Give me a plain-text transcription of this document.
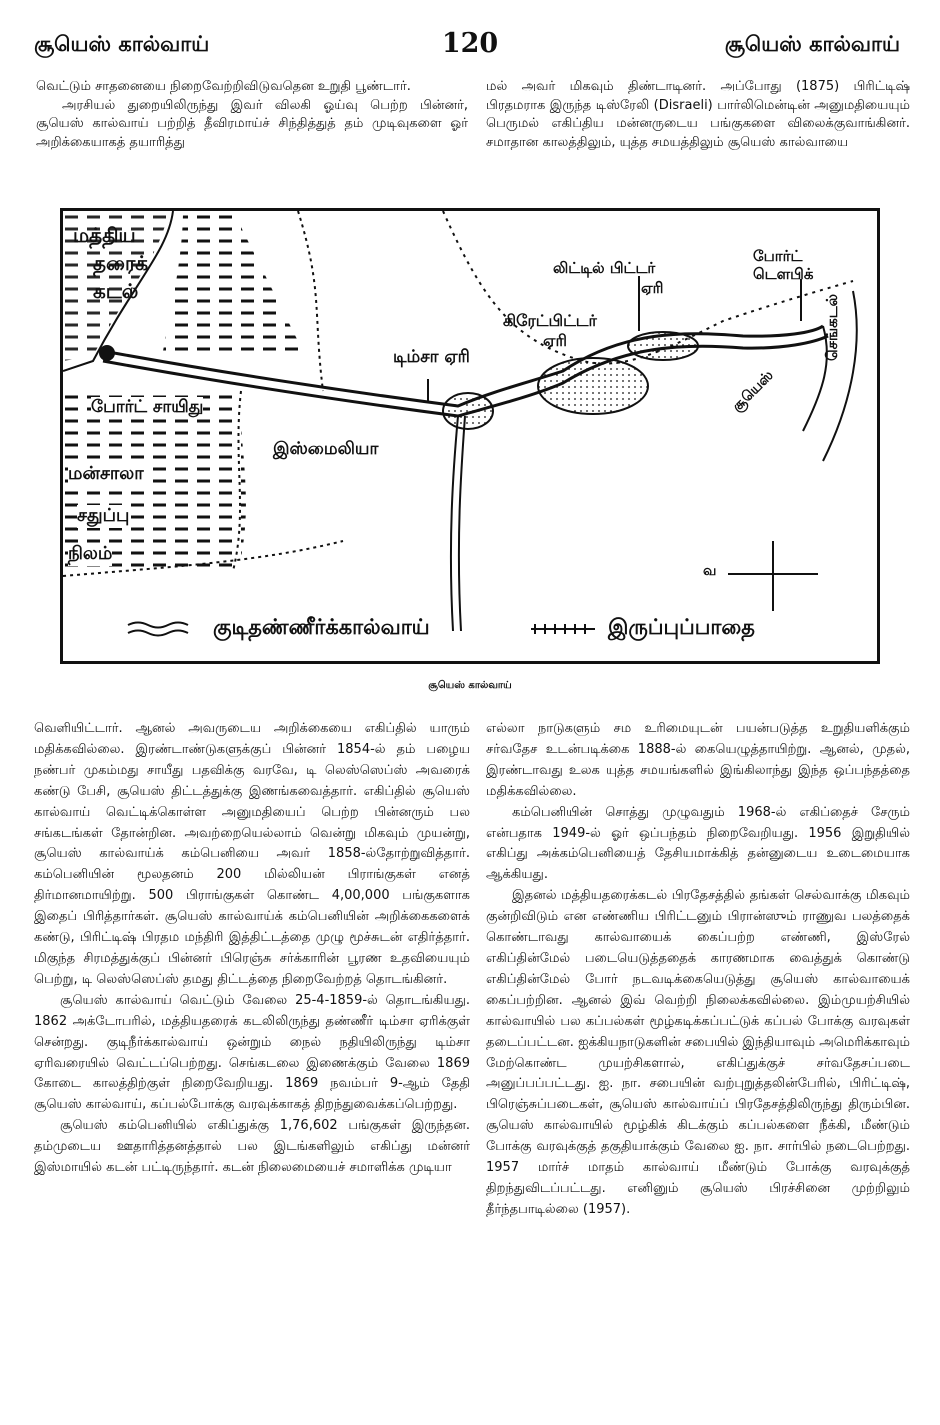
சூயெஸ் கால்வாய்	120	சூயெஸ் கால்வாய்

வெட்டும் சாதனையை நிறைவேற்றிவிடுவதென உறுதி பூண்டார்.

அரசியல் துறையிலிருந்து இவர் விலகி ஓய்வு பெற்ற பின்னர், சூயெஸ் கால்வாய் பற்றித் தீவிரமாய்ச் சிந்தித்துத் தம் முடிவுகளை ஓர் அறிக்கையாகத் தயாரித்து

மல் அவர் மிகவும் திண்டாடினர். அப்போது (1875) பிரிட்டிஷ் பிரதமராக இருந்த டிஸ்ரேலி (Disraeli) பார்லிமென்டின் அனுமதியையும் பெருமல் எகிப்திய மன்னருடைய பங்குகளை விலைக்குவாங்கினர். சமாதான காலத்திலும், யுத்த சமயத்திலும் சூயெஸ் கால்வாயை

மத்திய
தரைக்
கடல்
போர்ட் சாயிது
மன்சாலா
சதுப்பு
நிலம்
இஸ்மைலியா
டிம்சா ஏரி
கிரேட்பிட்டர்
ஏரி
லிட்டில் பிட்டர்
ஏரி
போர்ட்
டௌபிக்
சூயெஸ்
செங்கடல்
வ
குடிதண்ணீர்க்கால்வாய்	இருப்புப்பாதை
சூயெஸ் கால்வாய்

வெளியிட்டார். ஆனல் அவருடைய அறிக்கையை எகிப்தில் யாரும் மதிக்கவில்லை. இரண்டாண்டுகளுக்குப் பின்னர் 1854-ல் தம் பழைய நண்பர் முகம்மது சாயீது பதவிக்கு வரவே, டி லெஸ்ஸெப்ஸ் அவரைக் கண்டு பேசி, சூயெஸ் திட்டத்துக்கு இணங்கவைத்தார். எகிப்தில் சூயெஸ் கால்வாய் வெட்டிக்கொள்ள அனுமதியைப் பெற்ற பின்னரும் பல சங்கடங்கள் தோன்றின. அவற்றையெல்லாம் வென்று மிகவும் முயன்று, சூயெஸ் கால்வாய்க் கம்பெனியை அவர் 1858-ல்தோற்றுவித்தார். கம்பெனியின் மூலதனம் 200 மில்லியன் பிராங்குகள் எனத் திர்மானமாயிற்று. 500 பிராங்குகள் கொண்ட 4,00,000 பங்குகளாக இதைப் பிரித்தார்கள். சூயெஸ் கால்வாய்க் கம்பெனியின் அறிக்கைகளைக் கண்டு, பிரிட்டிஷ் பிரதம மந்திரி இத்திட்டத்தை முழு மூச்சுடன் எதிர்த்தார். மிகுந்த சிரமத்துக்குப் பின்னர் பிரெஞ்சு சர்க்காரின் பூரண உதவியையும் பெற்று, டி லெஸ்ஸெப்ஸ் தமது திட்டத்தை நிறைவேற்றத் தொடங்கினர்.

சூயெஸ் கால்வாய் வெட்டும் வேலை 25-4-1859-ல் தொடங்கியது. 1862 அக்டோபரில், மத்தியதரைக் கடலிலிருந்து தண்ணீர் டிம்சா ஏரிக்குள் சென்றது. குடிநீர்க்கால்வாய் ஒன்றும் நைல் நதியிலிருந்து டிம்சா ஏரிவரையில் வெட்டப்பெற்றது. செங்கடலை இணைக்கும் வேலை 1869 கோடை காலத்திற்குள் நிறைவேறியது. 1869 நவம்பர் 9-ஆம் தேதி சூயெஸ் கால்வாய், கப்பல்போக்கு வரவுக்காகத் திறந்துவைக்கப்பெற்றது.

சூயெஸ் கம்பெனியில் எகிப்துக்கு 1,76,602 பங்குகள் இருந்தன. தம்முடைய ஊதாரித்தனத்தால் பல இடங்களிலும் எகிப்து மன்னர் இஸ்மாயில் கடன் பட்டிருந்தார். கடன் நிலைமையைச் சமாளிக்க முடியா

எல்லா நாடுகளும் சம உரிமையுடன் பயன்படுத்த உறுதியளிக்கும் சர்வதேச உடன்படிக்கை 1888-ல் கையெழுத்தாயிற்று. ஆனல், முதல், இரண்டாவது உலக யுத்த சமயங்களில் இங்கிலாந்து இந்த ஒப்பந்தத்தை மதிக்கவில்லை.

கம்பெனியின் சொத்து முழுவதும் 1968-ல் எகிப்தைச் சேரும் என்பதாக 1949-ல் ஓர் ஒப்பந்தம் நிறைவேறியது. 1956 இறுதியில் எகிப்து அக்கம்பெனியைத் தேசியமாக்கித் தன்னுடைய உடைமையாக ஆக்கியது.

இதனல் மத்தியதரைக்கடல் பிரதேசத்தில் தங்கள் செல்வாக்கு மிகவும் குன்றிவிடும் என எண்ணிய பிரிட்டனும் பிரான்ஸும் ராணுவ பலத்தைக் கொண்டாவது கால்வாயைக் கைப்பற்ற எண்ணி, இஸ்ரேல் எகிப்தின்மேல் படையெடுத்ததைக் காரணமாக வைத்துக் கொண்டு எகிப்தின்மேல் போர் நடவடிக்கையெடுத்து சூயெஸ் கால்வாயைக் கைப்பற்றின. ஆனல் இவ் வெற்றி நிலைக்கவில்லை. இம்முயற்சியில் கால்வாயில் பல கப்பல்கள் மூழ்கடிக்கப்பட்டுக் கப்பல் போக்கு வரவுகள் தடைப்பட்டன. ஐக்கியநாடுகளின் சபையில் இந்தியாவும் அமெரிக்காவும் மேற்கொண்ட முயற்சிகளால், எகிப்துக்குச் சர்வதேசப்படை அனுப்பப்பட்டது. ஐ. நா. சபையின் வற்புறுத்தலின்பேரில், பிரிட்டிஷ், பிரெஞ்சுப்படைகள், சூயெஸ் கால்வாய்ப் பிரதேசத்திலிருந்து திரும்பின. சூயெஸ் கால்வாயில் மூழ்கிக் கிடக்கும் கப்பல்களை நீக்கி, மீண்டும் போக்கு வரவுக்குத் தகுதியாக்கும் வேலை ஐ. நா. சார்பில் நடைபெற்றது. 1957 மார்ச் மாதம் கால்வாய் மீண்டும் போக்கு வரவுக்குத் திறந்துவிடப்பட்டது. எனினும் சூயெஸ் பிரச்சினை முற்றிலும் தீர்ந்தபாடில்லை (1957).
